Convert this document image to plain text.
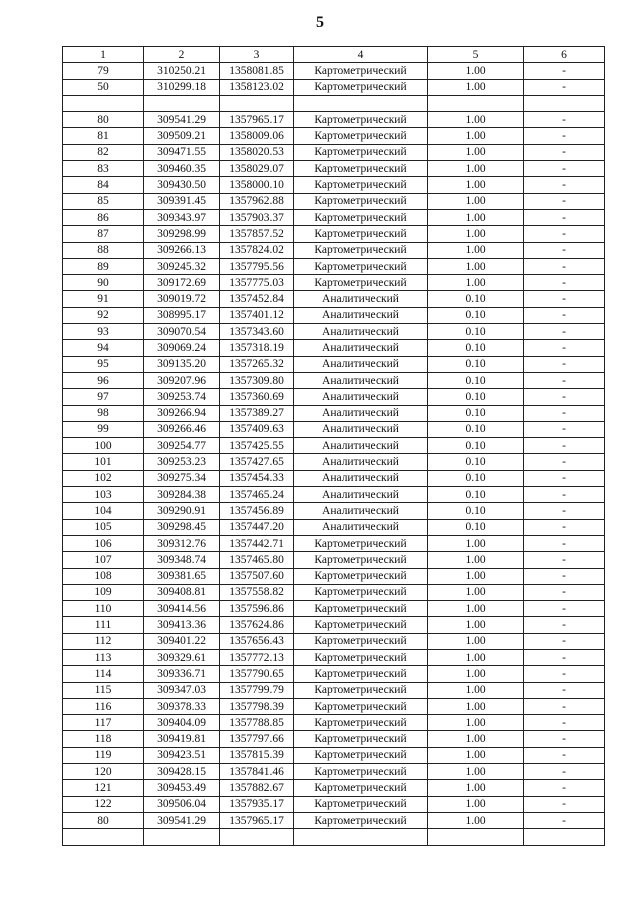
5
1	2	3	4	5	6
79	310250.21	1358081.85	Картометрический	1.00	-
50	310299.18	1358123.02	Картометрический	1.00	-

80	309541.29	1357965.17	Картометрический	1.00	-
81	309509.21	1358009.06	Картометрический	1.00	-
82	309471.55	1358020.53	Картометрический	1.00	-
83	309460.35	1358029.07	Картометрический	1.00	-
84	309430.50	1358000.10	Картометрический	1.00	-
85	309391.45	1357962.88	Картометрический	1.00	-
86	309343.97	1357903.37	Картометрический	1.00	-
87	309298.99	1357857.52	Картометрический	1.00	-
88	309266.13	1357824.02	Картометрический	1.00	-
89	309245.32	1357795.56	Картометрический	1.00	-
90	309172.69	1357775.03	Картометрический	1.00	-
91	309019.72	1357452.84	Аналитический	0.10	-
92	308995.17	1357401.12	Аналитический	0.10	-
93	309070.54	1357343.60	Аналитический	0.10	-
94	309069.24	1357318.19	Аналитический	0.10	-
95	309135.20	1357265.32	Аналитический	0.10	-
96	309207.96	1357309.80	Аналитический	0.10	-
97	309253.74	1357360.69	Аналитический	0.10	-
98	309266.94	1357389.27	Аналитический	0.10	-
99	309266.46	1357409.63	Аналитический	0.10	-
100	309254.77	1357425.55	Аналитический	0.10	-
101	309253.23	1357427.65	Аналитический	0.10	-
102	309275.34	1357454.33	Аналитический	0.10	-
103	309284.38	1357465.24	Аналитический	0.10	-
104	309290.91	1357456.89	Аналитический	0.10	-
105	309298.45	1357447.20	Аналитический	0.10	-
106	309312.76	1357442.71	Картометрический	1.00	-
107	309348.74	1357465.80	Картометрический	1.00	-
108	309381.65	1357507.60	Картометрический	1.00	-
109	309408.81	1357558.82	Картометрический	1.00	-
110	309414.56	1357596.86	Картометрический	1.00	-
111	309413.36	1357624.86	Картометрический	1.00	-
112	309401.22	1357656.43	Картометрический	1.00	-
113	309329.61	1357772.13	Картометрический	1.00	-
114	309336.71	1357790.65	Картометрический	1.00	-
115	309347.03	1357799.79	Картометрический	1.00	-
116	309378.33	1357798.39	Картометрический	1.00	-
117	309404.09	1357788.85	Картометрический	1.00	-
118	309419.81	1357797.66	Картометрический	1.00	-
119	309423.51	1357815.39	Картометрический	1.00	-
120	309428.15	1357841.46	Картометрический	1.00	-
121	309453.49	1357882.67	Картометрический	1.00	-
122	309506.04	1357935.17	Картометрический	1.00	-
80	309541.29	1357965.17	Картометрический	1.00	-
